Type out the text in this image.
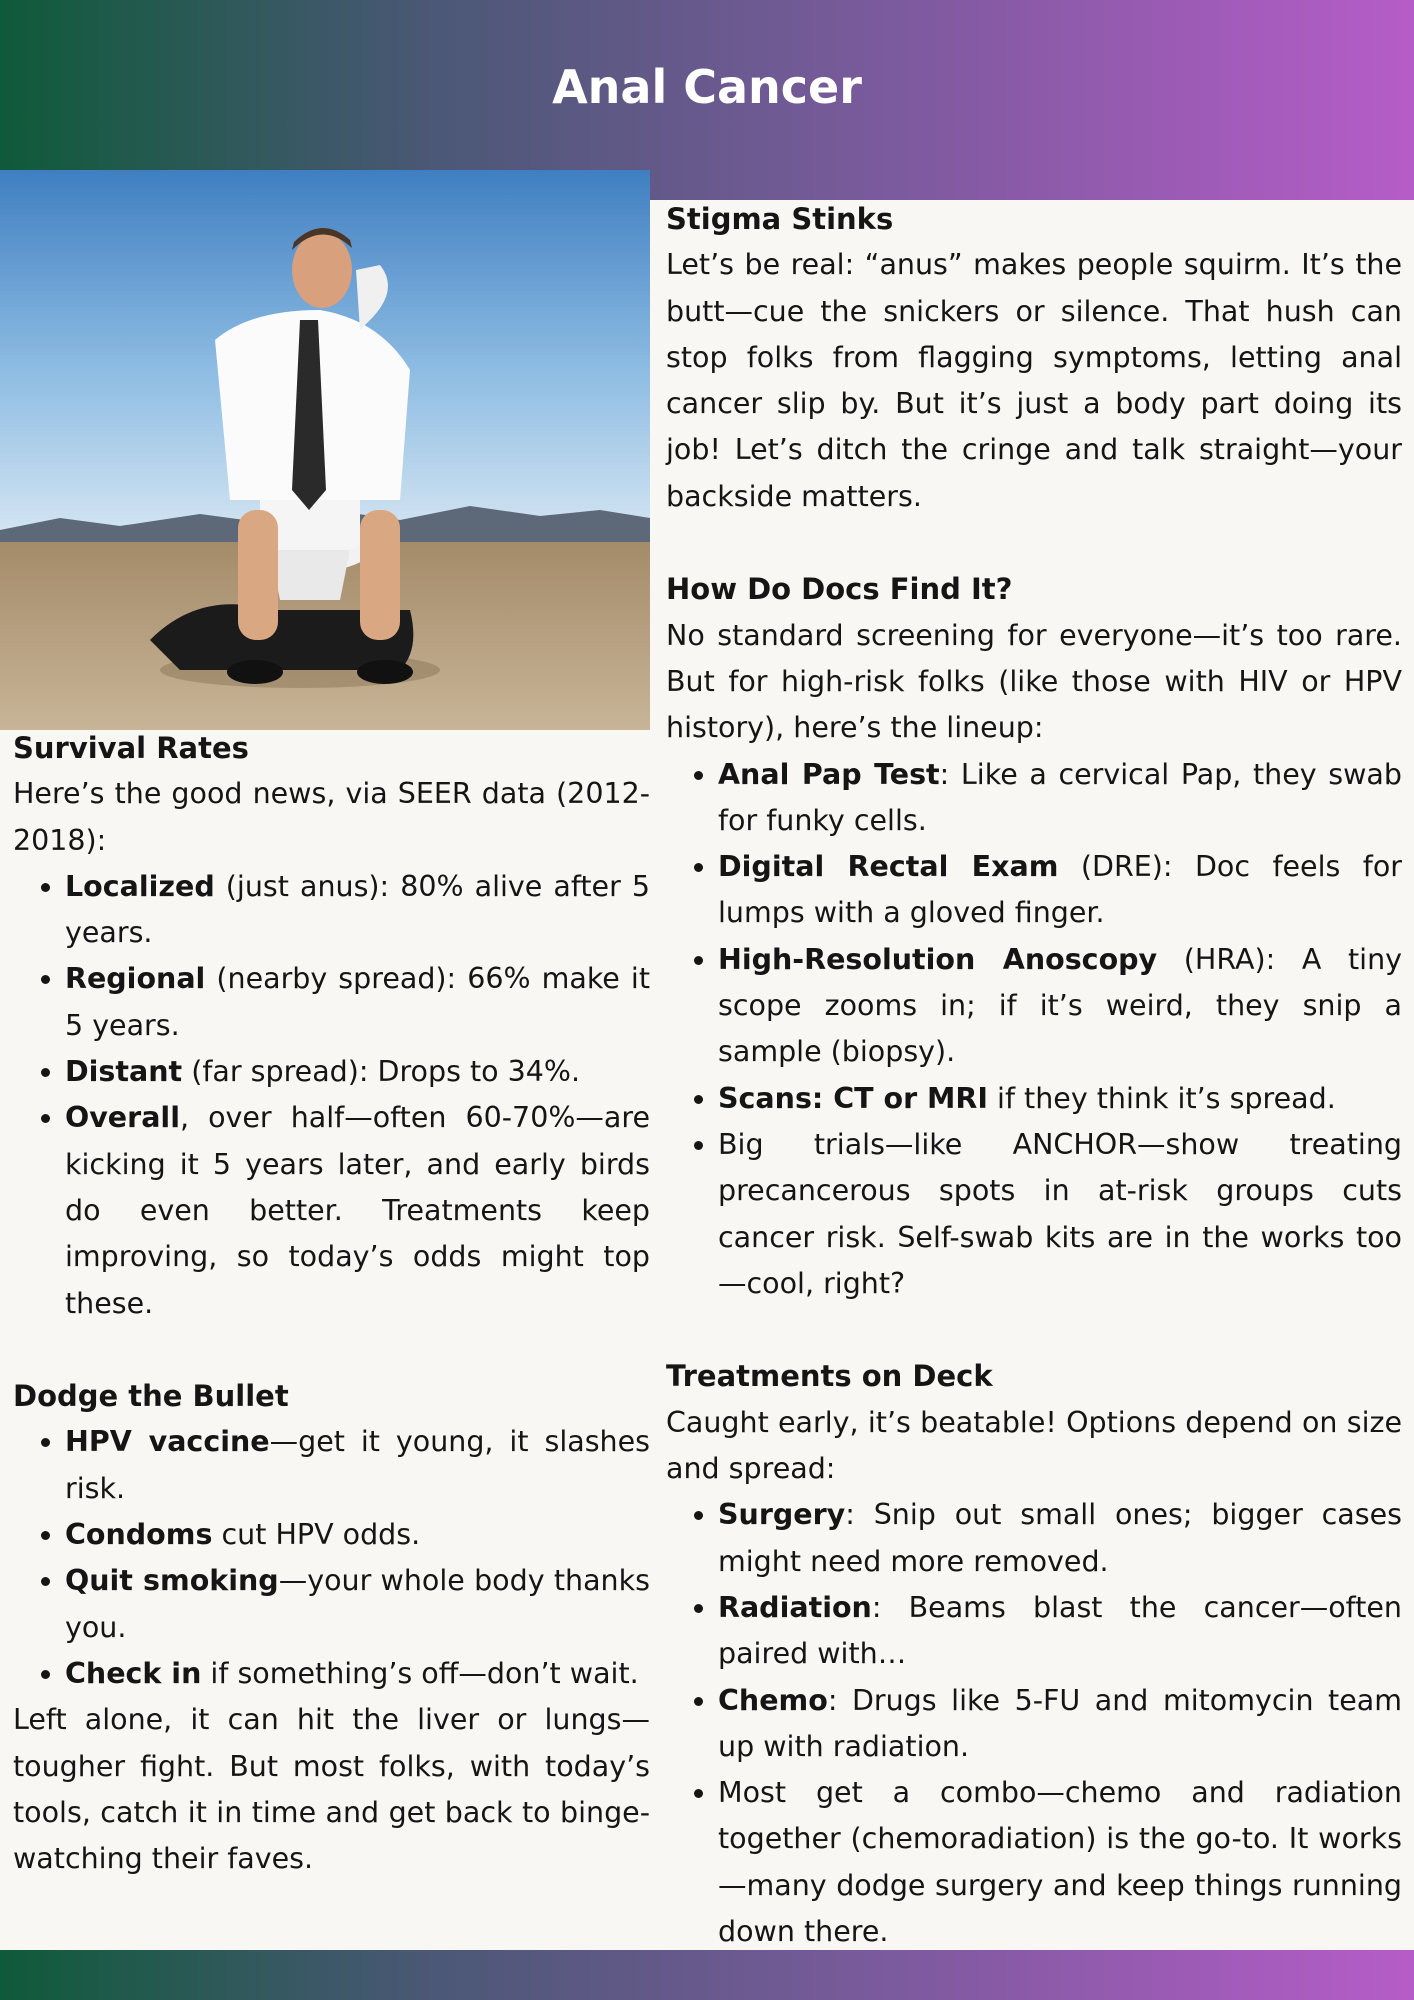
Anal Cancer
Survival Rates

Here’s the good news, via SEER data (2012-2018):

• Localized (just anus): 80% alive after 5 years.
• Regional (nearby spread): 66% make it 5 years.
• Distant (far spread): Drops to 34%.
• Overall, over half—often 60-70%—are kicking it 5 years later, and early birds do even better. Treatments keep improving, so today’s odds might top these.
Dodge the Bullet
• HPV vaccine—get it young, it slashes risk.
• Condoms cut HPV odds.
• Quit smoking—your whole body thanks you.
• Check in if something’s off—don’t wait.

Left alone, it can hit the liver or lungs—tougher fight. But most folks, with today’s tools, catch it in time and get back to binge-watching their faves.

Stigma Stinks

Let’s be real: “anus” makes people squirm. It’s the butt—cue the snickers or silence. That hush can stop folks from flagging symptoms, letting anal cancer slip by. But it’s just a body part doing its job! Let’s ditch the cringe and talk straight—your backside matters.

How Do Docs Find It?

No standard screening for everyone—it’s too rare. But for high-risk folks (like those with HIV or HPV history), here’s the lineup:

• Anal Pap Test: Like a cervical Pap, they swab for funky cells.
• Digital Rectal Exam (DRE): Doc feels for lumps with a gloved finger.
• High-Resolution Anoscopy (HRA): A tiny scope zooms in; if it’s weird, they snip a sample (biopsy).
• Scans: CT or MRI if they think it’s spread.
• Big trials—like ANCHOR—show treating precancerous spots in at-risk groups cuts cancer risk. Self-swab kits are in the works too—cool, right?
Treatments on Deck

Caught early, it’s beatable! Options depend on size and spread:

• Surgery: Snip out small ones; bigger cases might need more removed.
• Radiation: Beams blast the cancer—often paired with…
• Chemo: Drugs like 5-FU and mitomycin team up with radiation.
• Most get a combo—chemo and radiation together (chemoradiation) is the go-to. It works—many dodge surgery and keep things running down there.
